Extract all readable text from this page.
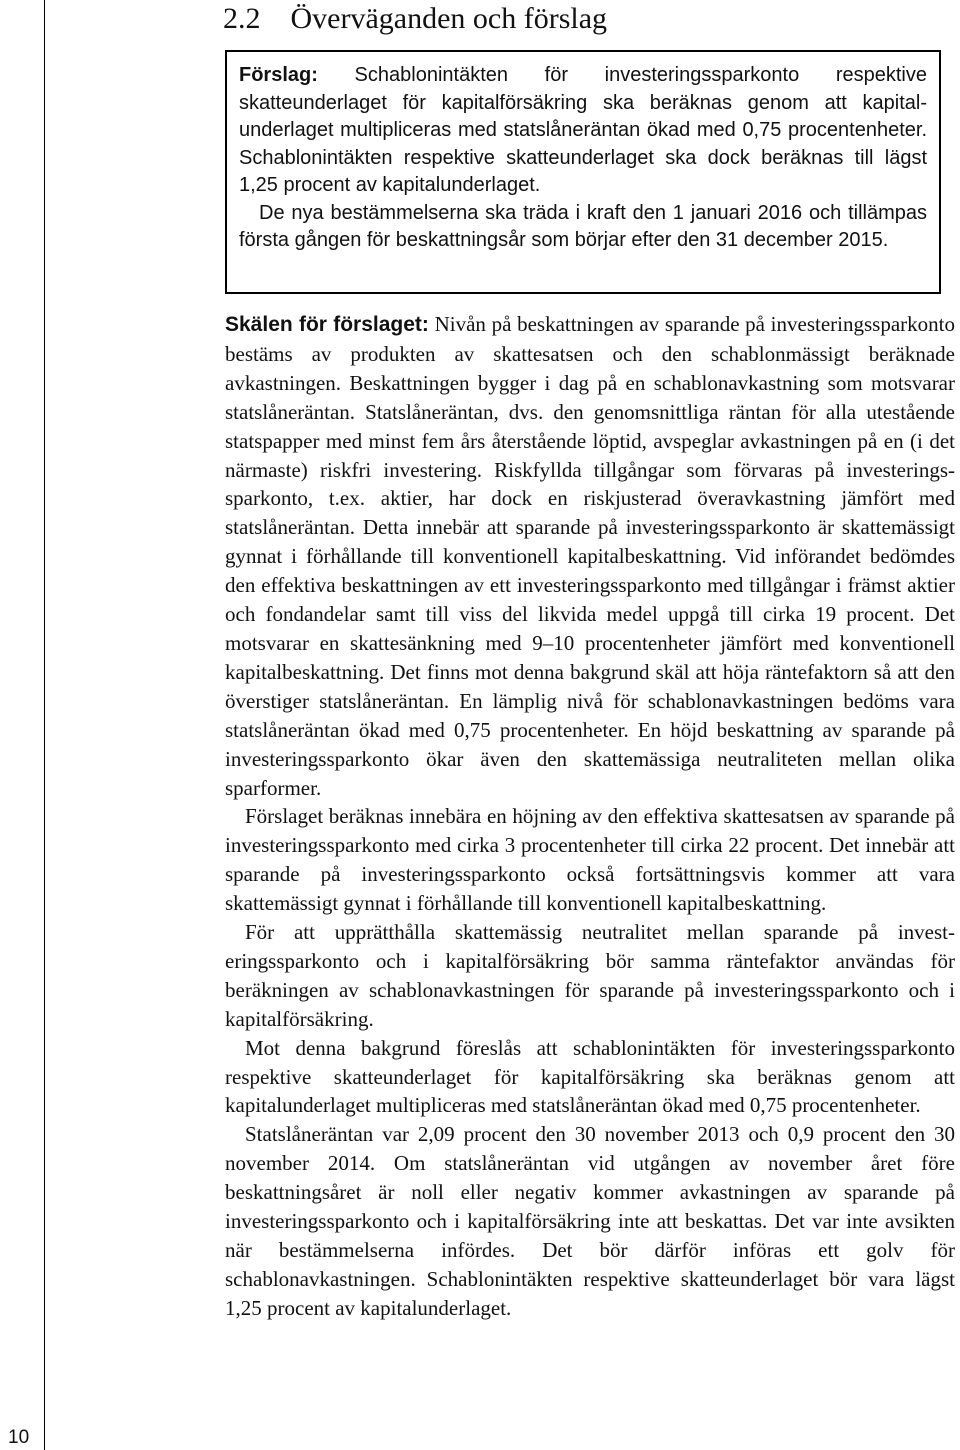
2.2 Överväganden och förslag

Förslag: Schablonintäkten för investeringssparkonto respektive skatteunderlaget för kapitalförsäkring ska beräknas genom att kapitalunderlaget multipliceras med statslåneräntan ökad med 0,75 procentenheter. Schablonintäkten respektive skatteunderlaget ska dock beräknas till lägst 1,25 procent av kapitalunderlaget.

De nya bestämmelserna ska träda i kraft den 1 januari 2016 och tillämpas första gången för beskattningsår som börjar efter den 31 december 2015.

Skälen för förslaget: Nivån på beskattningen av sparande på investeringssparkonto bestäms av produkten av skattesatsen och den schablonmässigt beräknade avkastningen. Beskattningen bygger i dag på en schablonavkastning som motsvarar statslåneräntan. Statslåneräntan, dvs. den genomsnittliga räntan för alla utestående statspapper med minst fem års återstående löptid, avspeglar avkastningen på en (i det närmaste) riskfri investering. Riskfyllda tillgångar som förvaras på investeringssparkonto, t.ex. aktier, har dock en riskjusterad överavkastning jämfört med statslåneräntan. Detta innebär att sparande på investeringssparkonto är skattemässigt gynnat i förhållande till konventionell kapitalbeskattning. Vid införandet bedömdes den effektiva beskattningen av ett investeringssparkonto med tillgångar i främst aktier och fondandelar samt till viss del likvida medel uppgå till cirka 19 procent. Det motsvarar en skattesänkning med 9–10 procentenheter jämfört med konventionell kapitalbeskattning. Det finns mot denna bakgrund skäl att höja räntefaktorn så att den överstiger statslåneräntan. En lämplig nivå för schablonavkastningen bedöms vara statslåneräntan ökad med 0,75 procentenheter. En höjd beskattning av sparande på investeringssparkonto ökar även den skattemässiga neutraliteten mellan olika sparformer.

Förslaget beräknas innebära en höjning av den effektiva skattesatsen av sparande på investeringssparkonto med cirka 3 procentenheter till cirka 22 procent. Det innebär att sparande på investeringssparkonto också fortsättningsvis kommer att vara skattemässigt gynnat i förhållande till konventionell kapitalbeskattning.

För att upprätthålla skattemässig neutralitet mellan sparande på investeringssparkonto och i kapitalförsäkring bör samma räntefaktor användas för beräkningen av schablonavkastningen för sparande på investeringssparkonto och i kapitalförsäkring.

Mot denna bakgrund föreslås att schablonintäkten för investeringssparkonto respektive skatteunderlaget för kapitalförsäkring ska beräknas genom att kapitalunderlaget multipliceras med statslåneräntan ökad med 0,75 procentenheter.

Statslåneräntan var 2,09 procent den 30 november 2013 och 0,9 procent den 30 november 2014. Om statslåneräntan vid utgången av november året före beskattningsåret är noll eller negativ kommer avkastningen av sparande på investeringssparkonto och i kapitalförsäkring inte att beskattas. Det var inte avsikten när bestämmelserna infördes. Det bör därför införas ett golv för schablonavkastningen. Schablonintäkten respektive skatteunderlaget bör vara lägst 1,25 procent av kapitalunderlaget.

10
